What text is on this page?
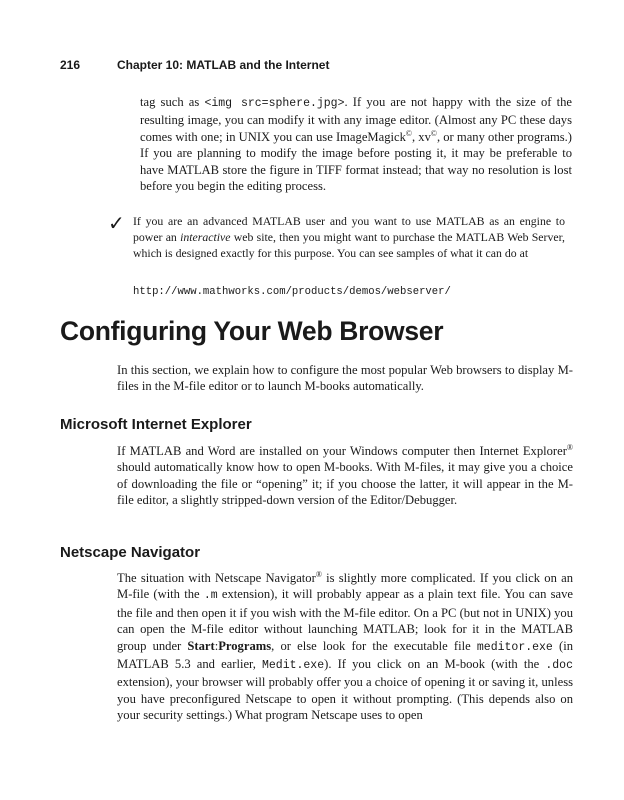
216	Chapter 10: MATLAB and the Internet

tag such as <img src=sphere.jpg>. If you are not happy with the size of the resulting image, you can modify it with any image editor. (Almost any PC these days comes with one; in UNIX you can use ImageMagick©, xv©, or many other programs.) If you are planning to modify the image before posting it, it may be preferable to have MATLAB store the figure in TIFF format instead; that way no resolution is lost before you begin the editing process.

✓ If you are an advanced MATLAB user and you want to use MATLAB as an engine to power an interactive web site, then you might want to purchase the MATLAB Web Server, which is designed exactly for this purpose. You can see samples of what it can do at

http://www.mathworks.com/products/demos/webserver/
Configuring Your Web Browser

In this section, we explain how to configure the most popular Web browsers to display M-files in the M-file editor or to launch M-books automatically.

Microsoft Internet Explorer

If MATLAB and Word are installed on your Windows computer then Internet Explorer® should automatically know how to open M-books. With M-files, it may give you a choice of downloading the file or “opening” it; if you choose the latter, it will appear in the M-file editor, a slightly stripped-down version of the Editor/Debugger.

Netscape Navigator

The situation with Netscape Navigator® is slightly more complicated. If you click on an M-file (with the .m extension), it will probably appear as a plain text file. You can save the file and then open it if you wish with the M-file editor. On a PC (but not in UNIX) you can open the M-file editor without launching MATLAB; look for it in the MATLAB group under Start:Programs, or else look for the executable file meditor.exe (in MATLAB 5.3 and earlier, Medit.exe). If you click on an M-book (with the .doc extension), your browser will probably offer you a choice of opening it or saving it, unless you have preconfigured Netscape to open it without prompting. (This depends also on your security settings.) What program Netscape uses to open
